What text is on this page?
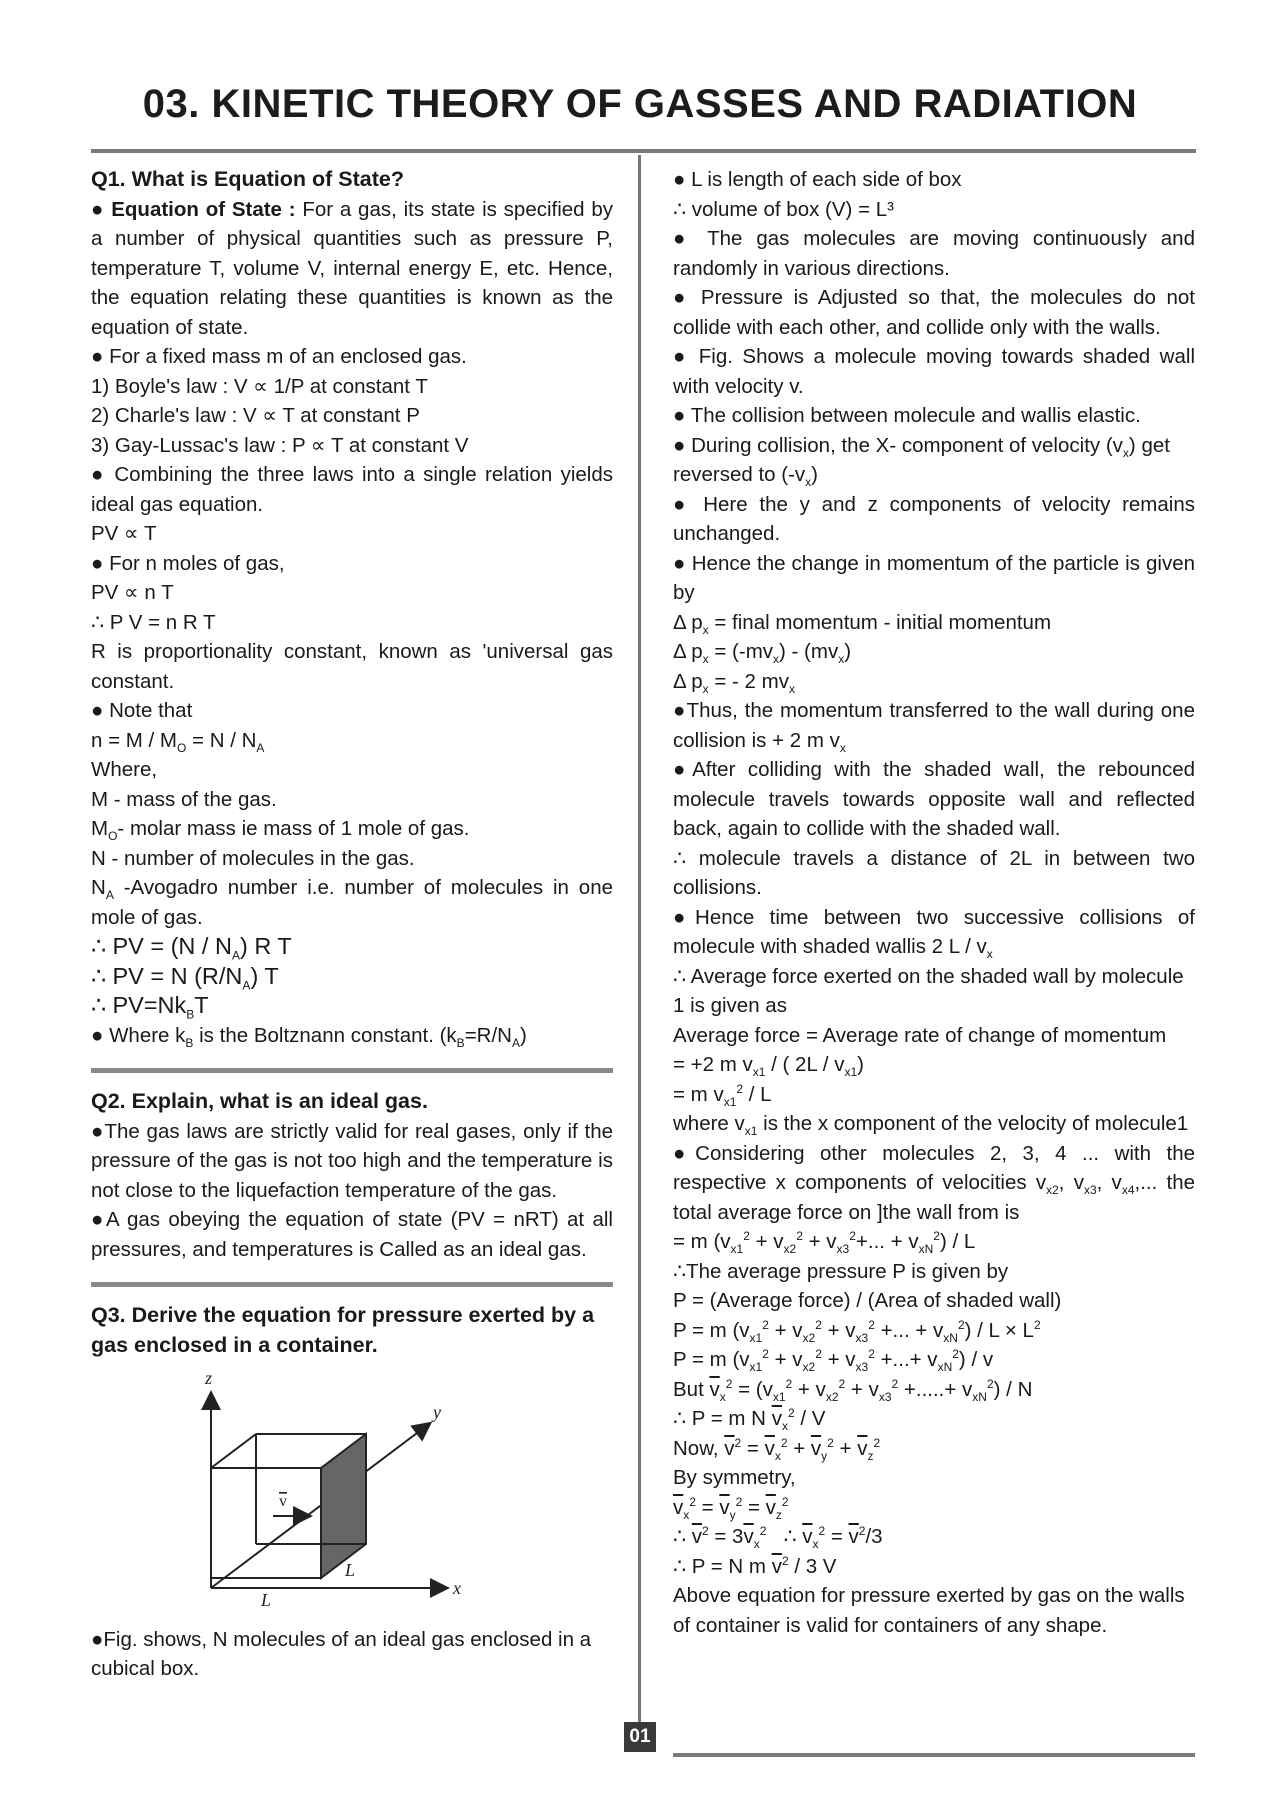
03. KINETIC THEORY OF GASSES AND RADIATION

Q1. What is Equation of State?

● Equation of State : For a gas, its state is specified by a number of physical quantities such as pressure P, temperature T, volume V, internal energy E, etc. Hence, the equation relating these quantities is known as the equation of state.

● For a fixed mass m of an enclosed gas.

1) Boyle's law : V ∝ 1/P at constant T

2) Charle's law : V ∝ T at constant P

3) Gay-Lussac's law : P ∝ T at constant V

● Combining the three laws into a single relation yields ideal gas equation.

PV ∝ T

● For n moles of gas,

PV ∝ n T

∴ P V = n R T

R is proportionality constant, known as 'universal gas constant.

● Note that

$n = M / M_O = N / N_A$

Where,

M - mass of the gas.

$M_O-$ molar mass ie mass of 1 mole of gas.

N - number of molecules in the gas.

$N_A$ -Avogadro number i.e. number of molecules in one mole of gas.

∴ PV = $(N / N_A)$ R T

∴ PV = N $(R/N_A)$ T

∴ $PV=Nk_BT$

● Where $k_B$ is the Boltznann constant. $(k_B=R/N_A)$

Q2. Explain, what is an ideal gas.

●The gas laws are strictly valid for real gases, only if the pressure of the gas is not too high and the temperature is not close to the liquefaction temperature of the gas.

●A gas obeying the equation of state (PV = nRT) at all pressures, and temperatures is Called as an ideal gas.

Q3. Derive the equation for pressure exerted by a gas enclosed in a container.

z
y
x
L
L
v

●Fig. shows, N molecules of an ideal gas enclosed in a cubical box.

● L is length of each side of box

∴ volume of box (V) = L³

● The gas molecules are moving continuously and randomly in various directions.

● Pressure is Adjusted so that, the molecules do not collide with each other, and collide only with the walls.

● Fig. Shows a molecule moving towards shaded wall with velocity v.

● The collision between molecule and wallis elastic.

● During collision, the X- component of velocity $(v_x)$ get reversed to $(-v_x)$

● Here the y and z components of velocity remains unchanged.

● Hence the change in momentum of the particle is given by

Δ $p_x$ = final momentum - initial momentum

Δ $p_x = (-mv_x) - (mv_x)$

Δ $p_x$ = - 2 $mv_x$

●Thus, the momentum transferred to the wall during one collision is + 2 m $v_x$

●After colliding with the shaded wall, the rebounced molecule travels towards opposite wall and reflected back, again to collide with the shaded wall.

∴ molecule travels a distance of 2L in between two collisions.

●Hence time between two successive collisions of molecule with shaded wallis 2 L / $v_x$

∴ Average force exerted on the shaded wall by molecule 1 is given as

Average force = Average rate of change of momentum

= +2 m $v_{x1}$ / ( $2L / v_{x1}$)

= m $v_{x1}^2$ / L

where $v_{x1}$ is the x component of the velocity of molecule1

●Considering other molecules 2, 3, 4 ... with the respective x components of velocities $v_{x2}$, $v_{x3}$, $v_{x4}$,... the total average force on ]the wall from is

= m ($v_{x1}^2 + v_{x2}^2 + v_{x3}^2+$... + $v_{xN}^2$) / L

∴The average pressure P is given by

P = (Average force) / (Area of shaded wall)

P = m ($v_{x1}^2 + v_{x2}^2 + v_{x3}^2$ +... + $v_{xN}^2) / L \times L^2$

P = m ($v_{x1}^2 + v_{x2}^2 + v_{x3}^2$ +...+ $v_{xN}^2$) / v

But $\overline{v}_x^2 = (v_{x1}^2 + v_{x2}^2 + v_{x3}^2$ +.....+ $v_{xN}^2$) / N

∴ P = m N $\overline{v}_x^2$ / V

Now, $\overline{v}^2 = \overline{v}_x^2 + \overline{v}_y^2 + \overline{v}_z^2$

By symmetry,

$\overline{v}_x^2 = \overline{v}_y^2 = \overline{v}_z^2$

∴ $\overline{v}^2 = 3\overline{v}_x^2$   ∴ $\overline{v}_x^2 = \overline{v}^2/3$

∴ P = N m $\overline{v}^2 / 3$ V

Above equation for pressure exerted by gas on the walls of container is valid for containers of any shape.

01
